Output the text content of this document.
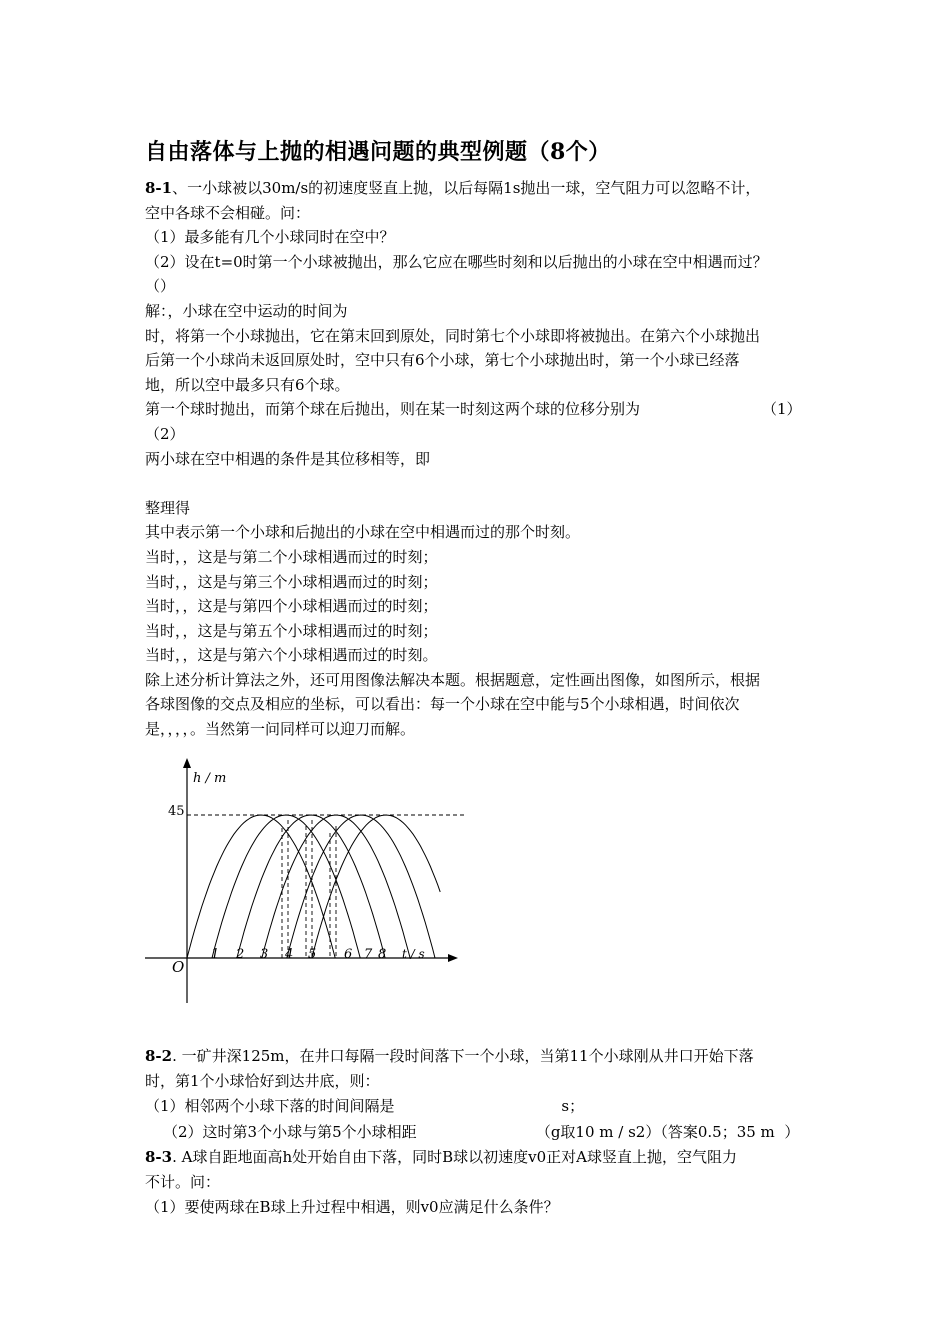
自由落体与上抛的相遇问题的典型例题（8个）

8-1、一小球被以30m/s的初速度竖直上抛，以后每隔1s抛出一球，空气阻力可以忽略不计，

空中各球不会相碰。问：

（1）最多能有几个小球同时在空中？

（2）设在t=0时第一个小球被抛出，那么它应在哪些时刻和以后抛出的小球在空中相遇而过？

（）

解：，小球在空中运动的时间为

时，将第一个小球抛出，它在第末回到原处，同时第七个小球即将被抛出。在第六个小球抛出

后第一个小球尚未返回原处时，空中只有6个小球，第七个小球抛出时，第一个小球已经落

地，所以空中最多只有6个球。

第一个球时抛出，而第个球在后抛出，则在某一时刻这两个球的位移分别为	（1）

（2）

两小球在空中相遇的条件是其位移相等，即

整理得

其中表示第一个小球和后抛出的小球在空中相遇而过的那个时刻。

当时，，这是与第二个小球相遇而过的时刻；

当时，，这是与第三个小球相遇而过的时刻；

当时，，这是与第四个小球相遇而过的时刻；

当时，，这是与第五个小球相遇而过的时刻；

当时，，这是与第六个小球相遇而过的时刻。

除上述分析计算法之外，还可用图像法解决本题。根据题意，定性画出图像，如图所示，根据

各球图像的交点及相应的坐标，可以看出：每一个小球在空中能与5个小球相遇，时间依次

是，，，，。当然第一问同样可以迎刀而解。

h / m
45
O
t / s
1 2 3 4 5 6 7 8

8-2. 一矿井深125m，在井口每隔一段时间落下一个小球，当第11个小球刚从井口开始下落

时，第1个小球恰好到达井底，则：

（1）相邻两个小球下落的时间间隔是                                   s；

（2）这时第3个小球与第5个小球相距                         （g取10 m / s2）（答案0.5；35 m  ）

8-3. A球自距地面高h处开始自由下落，同时B球以初速度v0正对A球竖直上抛，空气阻力

不计。问：

（1）要使两球在B球上升过程中相遇，则v0应满足什么条件？
